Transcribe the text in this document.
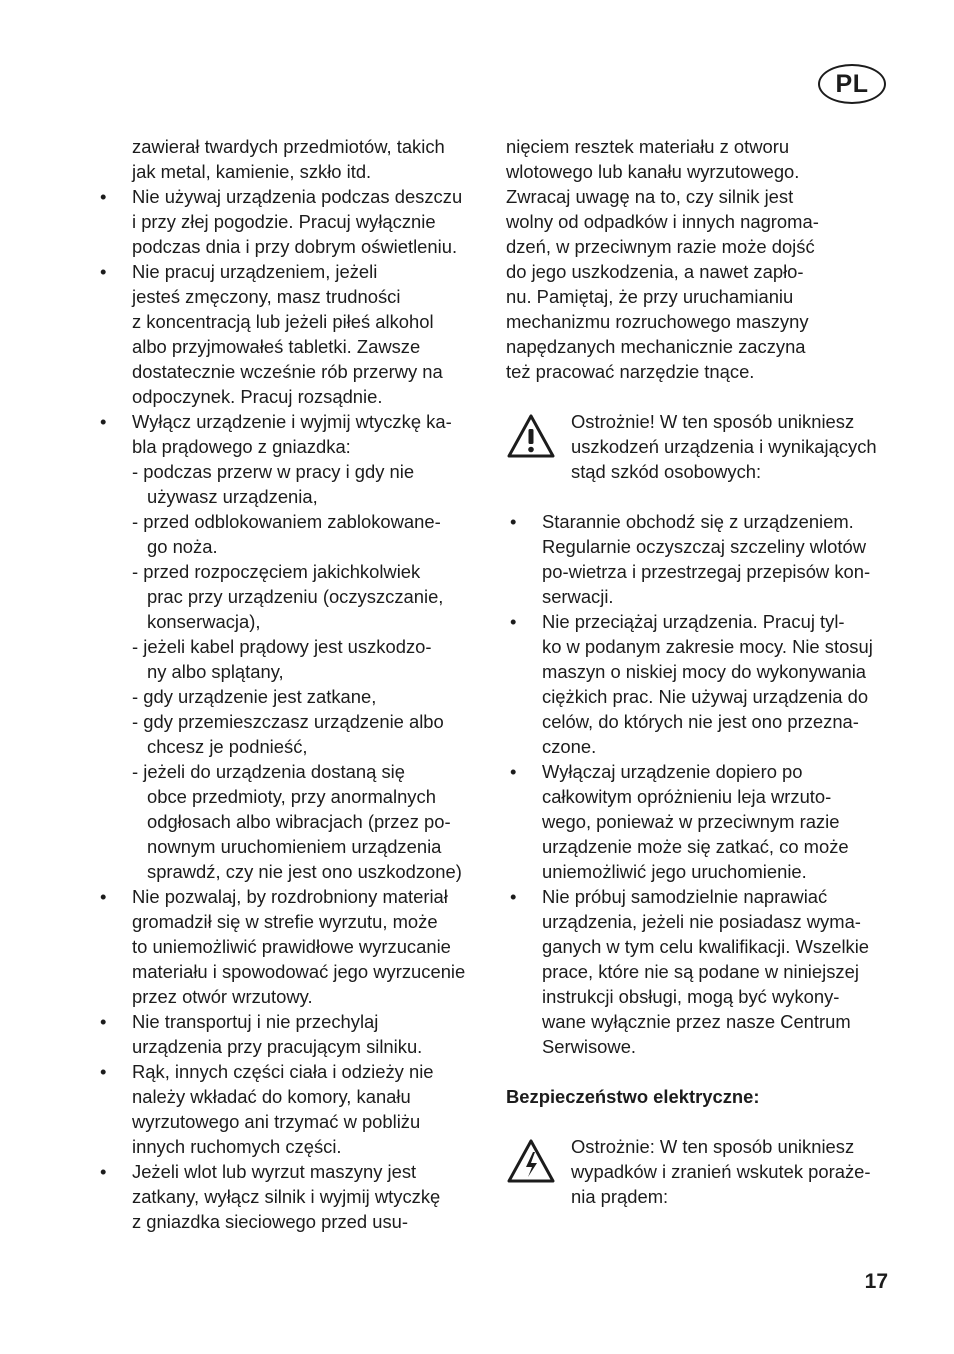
PL
zawierał twardych przedmiotów, takich
jak metal, kamienie, szkło itd.
• Nie używaj urządzenia podczas deszczu
i przy złej pogodzie. Pracuj wyłącznie
podczas dnia i przy dobrym oświetleniu.
• Nie pracuj urządzeniem, jeżeli
jesteś zmęczony, masz trudności
z koncentracją lub jeżeli piłeś alkohol
albo przyjmowałeś tabletki. Zawsze
dostatecznie wcześnie rób przerwy na
odpoczynek. Pracuj rozsądnie.
• Wyłącz urządzenie i wyjmij wtyczkę ka-
bla prądowego z gniazdka:
- podczas przerw w pracy i gdy nie
używasz urządzenia,
- przed odblokowaniem zablokowane-
go noża.
- przed rozpoczęciem jakichkolwiek
prac przy urządzeniu (oczyszczanie,
konserwacja),
- jeżeli kabel prądowy jest uszkodzo-
ny albo splątany,
- gdy urządzenie jest zatkane,
- gdy przemieszczasz urządzenie albo
chcesz je podnieść,
- jeżeli do urządzenia dostaną się
obce przedmioty, przy anormalnych
odgłosach albo wibracjach (przez po-
nownym uruchomieniem urządzenia
sprawdź, czy nie jest ono uszkodzone)
• Nie pozwalaj, by rozdrobniony materiał
gromadził się w strefie wyrzutu, może
to uniemożliwić prawidłowe wyrzucanie
materiału i spowodować jego wyrzucenie
przez otwór wrzutowy.
• Nie transportuj i nie przechylaj
urządzenia przy pracującym silniku.
• Rąk, innych części ciała i odzieży nie
należy wkładać do komory, kanału
wyrzutowego ani trzymać w pobliżu
innych ruchomych części.
• Jeżeli wlot lub wyrzut maszyny jest
zatkany, wyłącz silnik i wyjmij wtyczkę
z gniazdka sieciowego przed usu-
nięciem resztek materiału z otworu
wlotowego lub kanału wyrzutowego.
Zwracaj uwagę na to, czy silnik jest
wolny od odpadków i innych nagroma-
dzeń, w przeciwnym razie może dojść
do jego uszkodzenia, a nawet zapło-
nu. Pamiętaj, że przy uruchamianiu
mechanizmu rozruchowego maszyny
napędzanych mechanicznie zaczyna
też pracować narzędzie tnące.
Ostrożnie! W ten sposób unikniesz
uszkodzeń urządzenia i wynikających
stąd szkód osobowych:
• Starannie obchodź się z urządzeniem.
Regularnie oczyszczaj szczeliny wlotów
po-wietrza i przestrzegaj przepisów kon-
serwacji.
• Nie przeciążaj urządzenia. Pracuj tyl-
ko w podanym zakresie mocy. Nie stosuj
maszyn o niskiej mocy do wykonywania
ciężkich prac. Nie używaj urządzenia do
celów, do których nie jest ono przezna-
czone.
• Wyłączaj urządzenie dopiero po
całkowitym opróżnieniu leja wrzuto-
wego, ponieważ w przeciwnym razie
urządzenie może się zatkać, co może
uniemożliwić jego uruchomienie.
• Nie próbuj samodzielnie naprawiać
urządzenia, jeżeli nie posiadasz wyma-
ganych w tym celu kwalifikacji. Wszelkie
prace, które nie są podane w niniejszej
instrukcji obsługi, mogą być wykony-
wane wyłącznie przez nasze Centrum
Serwisowe.
Bezpieczeństwo elektryczne:
Ostrożnie: W ten sposób unikniesz
wypadków i zranień wskutek poraże-
nia prądem:
17
